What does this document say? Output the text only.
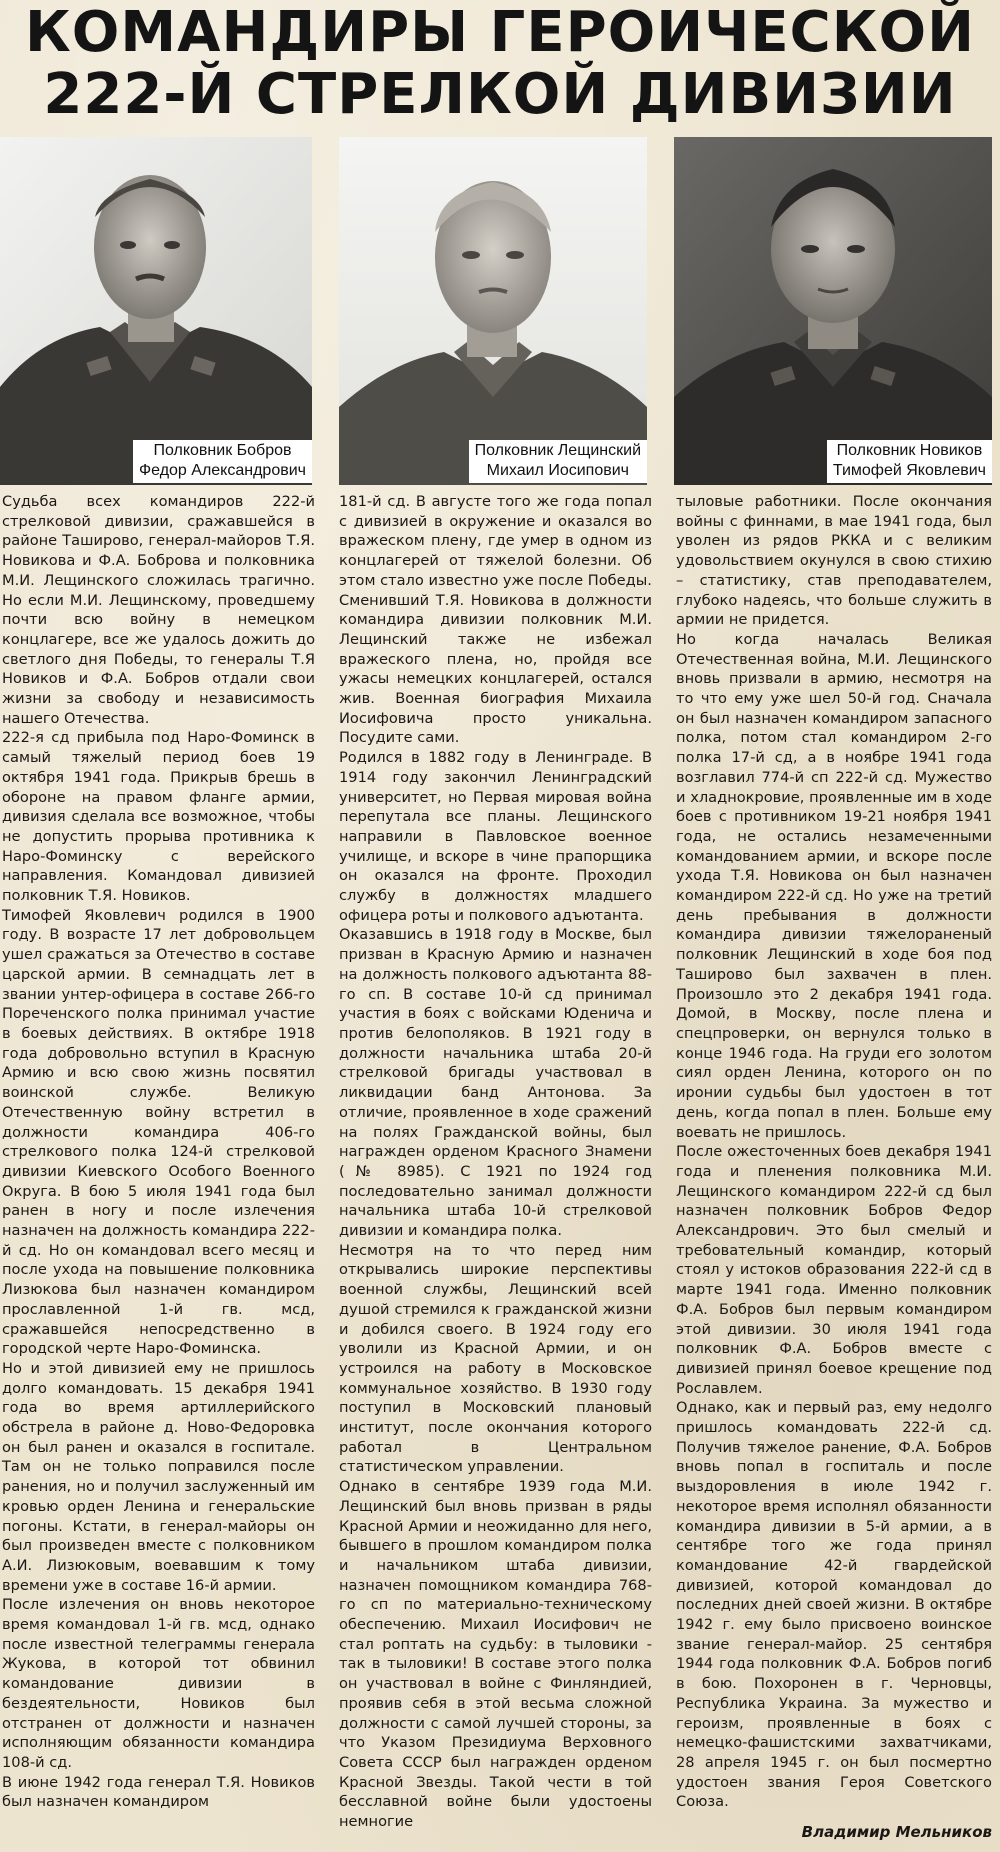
КОМАНДИРЫ ГЕРОИЧЕСКОЙ
222-Й СТРЕЛКОЙ ДИВИЗИИ
Полковник Бобров
Федор Александрович
Полковник Лещинский
Михаил Иосипович
Полковник Новиков
Тимофей Яковлевич

Судьба всех командиров 222-й стрелковой дивизии, сражавшейся в районе Таширово, генерал-майоров Т.Я. Новикова и Ф.А. Боброва и полковника М.И. Лещинского сложилась трагично. Но если М.И. Лещинскому, проведшему почти всю войну в немецком концлагере, все же удалось дожить до светлого дня Победы, то генералы Т.Я Новиков и Ф.А. Бобров отдали свои жизни за свободу и независимость нашего Отечества.

222-я сд прибыла под Наро-Фоминск в самый тяжелый период боев 19 октября 1941 года. Прикрыв брешь в обороне на правом фланге армии, дивизия сделала все возможное, чтобы не допустить прорыва противника к Наро-Фоминску с верейского направления. Командовал дивизией полковник Т.Я. Новиков.

Тимофей Яковлевич родился в 1900 году. В возрасте 17 лет добровольцем ушел сражаться за Отечество в составе царской армии. В семнадцать лет в звании унтер-офицера в составе 266-го Пореченского полка принимал участие в боевых действиях. В октябре 1918 года добровольно вступил в Красную Армию и всю свою жизнь посвятил воинской службе. Великую Отечественную войну встретил в должности командира 406-го стрелкового полка 124-й стрелковой дивизии Киевского Особого Военного Округа. В бою 5 июля 1941 года был ранен в ногу и после излечения назначен на должность командира 222-й сд. Но он командовал всего месяц и после ухода на повышение полковника Лизюкова был назначен командиром прославленной 1-й гв. мсд, сражавшейся непосредственно в городской черте Наро-Фоминска.

Но и этой дивизией ему не пришлось долго командовать. 15 декабря 1941 года во время артиллерийского обстрела в районе д. Ново-Федоровка он был ранен и оказался в госпитале. Там он не только поправился после ранения, но и получил заслуженный им кровью орден Ленина и генеральские погоны. Кстати, в генерал-майоры он был произведен вместе с полковником А.И. Лизюковым, воевавшим к тому времени уже в составе 16-й армии.

После излечения он вновь некоторое время командовал 1-й гв. мсд, однако после известной телеграммы генерала Жукова, в которой тот обвинил командование дивизии в бездеятельности, Новиков был отстранен от должности и назначен исполняющим обязанности командира 108-й сд.

В июне 1942 года генерал Т.Я. Новиков был назначен командиром

181-й сд. В августе того же года попал с дивизией в окружение и оказался во вражеском плену, где умер в одном из концлагерей от тяжелой болезни. Об этом стало известно уже после Победы.

Сменивший Т.Я. Новикова в должности командира дивизии полковник М.И. Лещинский также не избежал вражеского плена, но, пройдя все ужасы немецких концлагерей, остался жив. Военная биография Михаила Иосифовича просто уникальна. Посудите сами.

Родился в 1882 году в Ленинграде. В 1914 году закончил Ленинградский университет, но Первая мировая война перепутала все планы. Лещинского направили в Павловское военное училище, и вскоре в чине прапорщика он оказался на фронте. Проходил службу в должностях младшего офицера роты и полкового адъютанта.

Оказавшись в 1918 году в Москве, был призван в Красную Армию и назначен на должность полкового адъютанта 88-го сп. В составе 10-й сд принимал участия в боях с войсками Юденича и против белополяков. В 1921 году в должности начальника штаба 20-й стрелковой бригады участвовал в ликвидации банд Антонова. За отличие, проявленное в ходе сражений на полях Гражданской войны, был награжден орденом Красного Знамени (№ 8985). С 1921 по 1924 год последовательно занимал должности начальника штаба 10-й стрелковой дивизии и командира полка.

Несмотря на то что перед ним открывались широкие перспективы военной службы, Лещинский всей душой стремился к гражданской жизни и добился своего. В 1924 году его уволили из Красной Армии, и он устроился на работу в Московское коммунальное хозяйство. В 1930 году поступил в Московский плановый институт, после окончания которого работал в Центральном статистическом управлении.

Однако в сентябре 1939 года М.И. Лещинский был вновь призван в ряды Красной Армии и неожиданно для него, бывшего в прошлом командиром полка и начальником штаба дивизии, назначен помощником командира 768-го сп по материально-техническому обеспечению. Михаил Иосифович не стал роптать на судьбу: в тыловики - так в тыловики! В составе этого полка он участвовал в войне с Финляндией, проявив себя в этой весьма сложной должности с самой лучшей стороны, за что Указом Президиума Верховного Совета СССР был награжден орденом Красной Звезды. Такой чести в той бесславной войне были удостоены немногие

тыловые работники. После окончания войны с финнами, в мае 1941 года, был уволен из рядов РККА и с великим удовольствием окунулся в свою стихию – статистику, став преподавателем, глубоко надеясь, что больше служить в армии не придется.

Но когда началась Великая Отечественная война, М.И. Лещинского вновь призвали в армию, несмотря на то что ему уже шел 50-й год. Сначала он был назначен командиром запасного полка, потом стал командиром 2-го полка 17-й сд, а в ноябре 1941 года возглавил 774-й сп 222-й сд. Мужество и хладнокровие, проявленные им в ходе боев с противником 19-21 ноября 1941 года, не остались незамеченными командованием армии, и вскоре после ухода Т.Я. Новикова он был назначен командиром 222-й сд. Но уже на третий день пребывания в должности командира дивизии тяжелораненый полковник Лещинский в ходе боя под Таширово был захвачен в плен. Произошло это 2 декабря 1941 года. Домой, в Москву, после плена и спецпроверки, он вернулся только в конце 1946 года. На груди его золотом сиял орден Ленина, которого он по иронии судьбы был удостоен в тот день, когда попал в плен. Больше ему воевать не пришлось.

После ожесточенных боев декабря 1941 года и пленения полковника М.И. Лещинского командиром 222-й сд был назначен полковник Бобров Федор Александрович. Это был смелый и требовательный командир, который стоял у истоков образования 222-й сд в марте 1941 года. Именно полковник Ф.А. Бобров был первым командиром этой дивизии. 30 июля 1941 года полковник Ф.А. Бобров вместе с дивизией принял боевое крещение под Рославлем.

Однако, как и первый раз, ему недолго пришлось командовать 222-й сд. Получив тяжелое ранение, Ф.А. Бобров вновь попал в госпиталь и после выздоровления в июле 1942 г. некоторое время исполнял обязанности командира дивизии в 5-й армии, а в сентябре того же года принял командование 42-й гвардейской дивизией, которой командовал до последних дней своей жизни. В октябре 1942 г. ему было присвоено воинское звание генерал-майор. 25 сентября 1944 года полковник Ф.А. Бобров погиб в бою. Похоронен в г. Черновцы, Республика Украина. За мужество и героизм, проявленные в боях с немецко-фашистскими захватчиками, 28 апреля 1945 г. он был посмертно удостоен звания Героя Советского Союза.

Владимир Мельников
